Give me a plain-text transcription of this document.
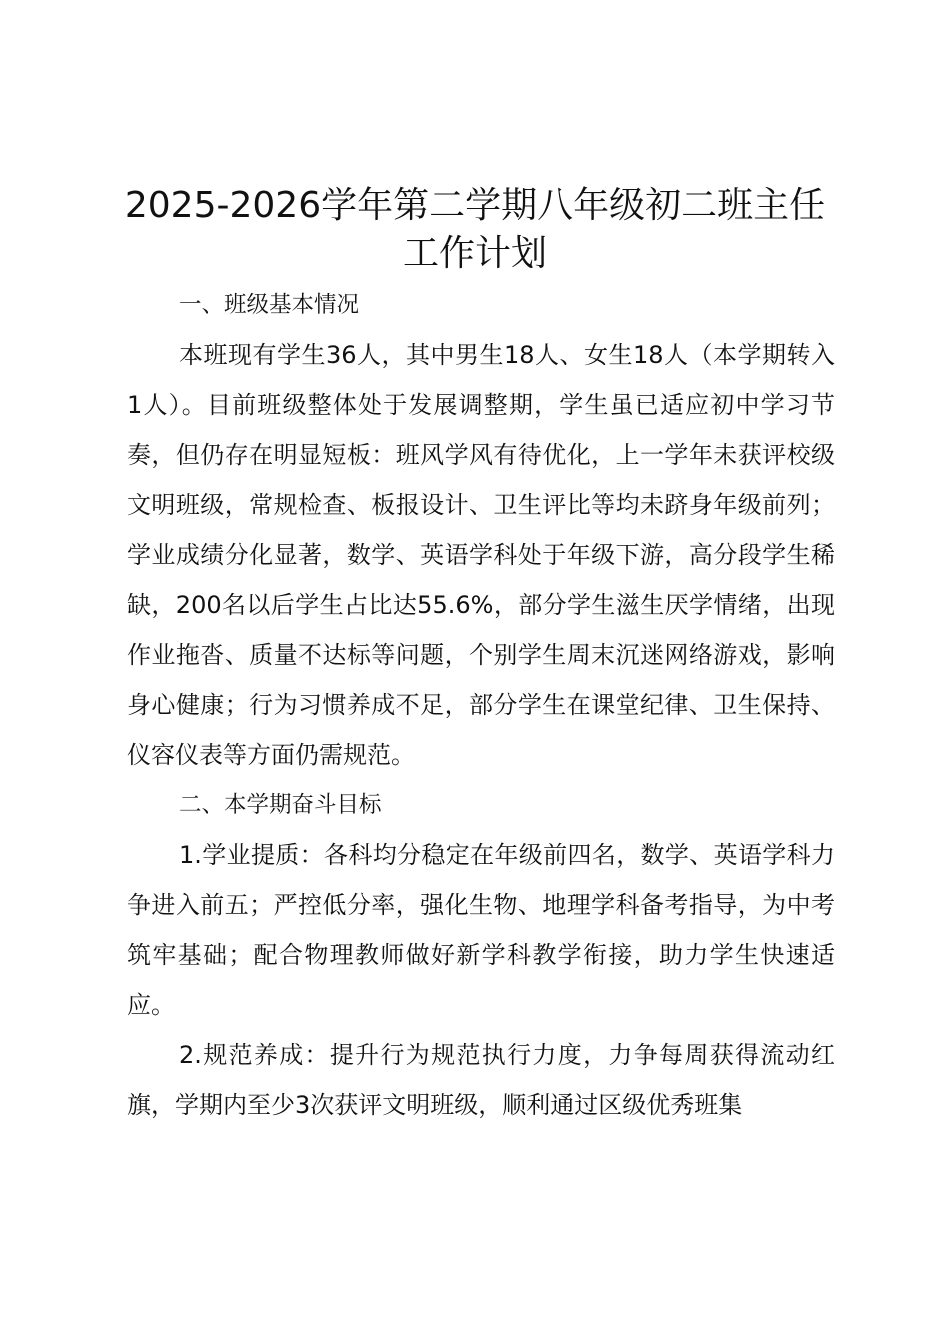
2025-2026学年第二学期八年级初二班主任工作计划
一、班级基本情况

本班现有学生36人，其中男生18人、女生18人（本学期转入1人）。目前班级整体处于发展调整期，学生虽已适应初中学习节奏，但仍存在明显短板：班风学风有待优化，上一学年未获评校级文明班级，常规检查、板报设计、卫生评比等均未跻身年级前列；学业成绩分化显著，数学、英语学科处于年级下游，高分段学生稀缺，200名以后学生占比达55.6%，部分学生滋生厌学情绪，出现作业拖沓、质量不达标等问题，个别学生周末沉迷网络游戏，影响身心健康；行为习惯养成不足，部分学生在课堂纪律、卫生保持、仪容仪表等方面仍需规范。

二、本学期奋斗目标

1.学业提质：各科均分稳定在年级前四名，数学、英语学科力争进入前五；严控低分率，强化生物、地理学科备考指导，为中考筑牢基础；配合物理教师做好新学科教学衔接，助力学生快速适应。

2.规范养成：提升行为规范执行力度，力争每周获得流动红旗，学期内至少3次获评文明班级，顺利通过区级优秀班集
